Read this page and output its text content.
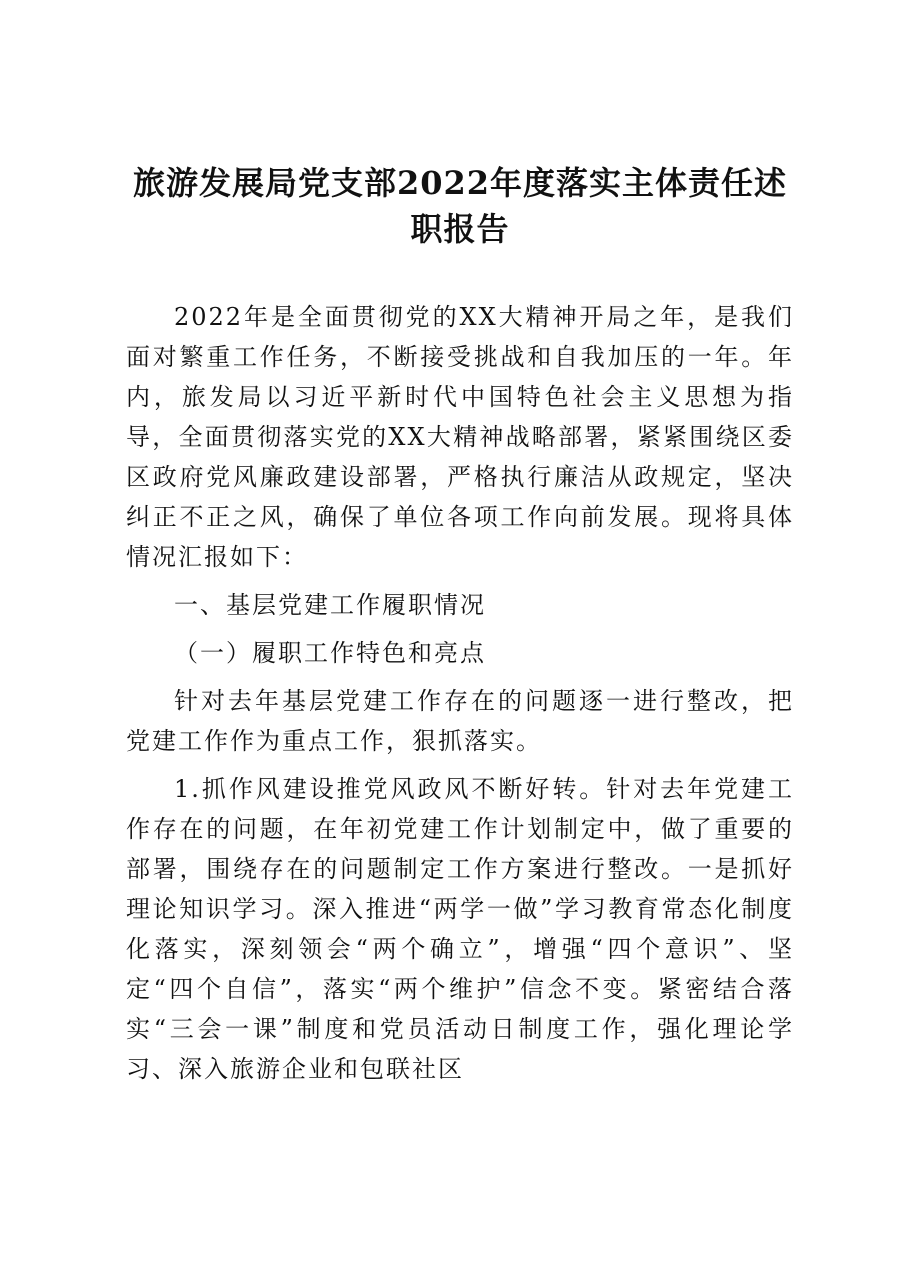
旅游发展局党支部2022年度落实主体责任述
职报告

2022年是全面贯彻党的XX大精神开局之年，是我们面对繁重工作任务，不断接受挑战和自我加压的一年。年内，旅发局以习近平新时代中国特色社会主义思想为指导，全面贯彻落实党的XX大精神战略部署，紧紧围绕区委区政府党风廉政建设部署，严格执行廉洁从政规定，坚决纠正不正之风，确保了单位各项工作向前发展。现将具体情况汇报如下：

一、基层党建工作履职情况

（一）履职工作特色和亮点

针对去年基层党建工作存在的问题逐一进行整改，把党建工作作为重点工作，狠抓落实。

1.抓作风建设推党风政风不断好转。针对去年党建工作存在的问题，在年初党建工作计划制定中，做了重要的部署，围绕存在的问题制定工作方案进行整改。一是抓好理论知识学习。深入推进“两学一做”学习教育常态化制度化落实，深刻领会“两个确立”，增强“四个意识”、坚定“四个自信”，落实“两个维护”信念不变。紧密结合落实“三会一课”制度和党员活动日制度工作，强化理论学习、深入旅游企业和包联社区
